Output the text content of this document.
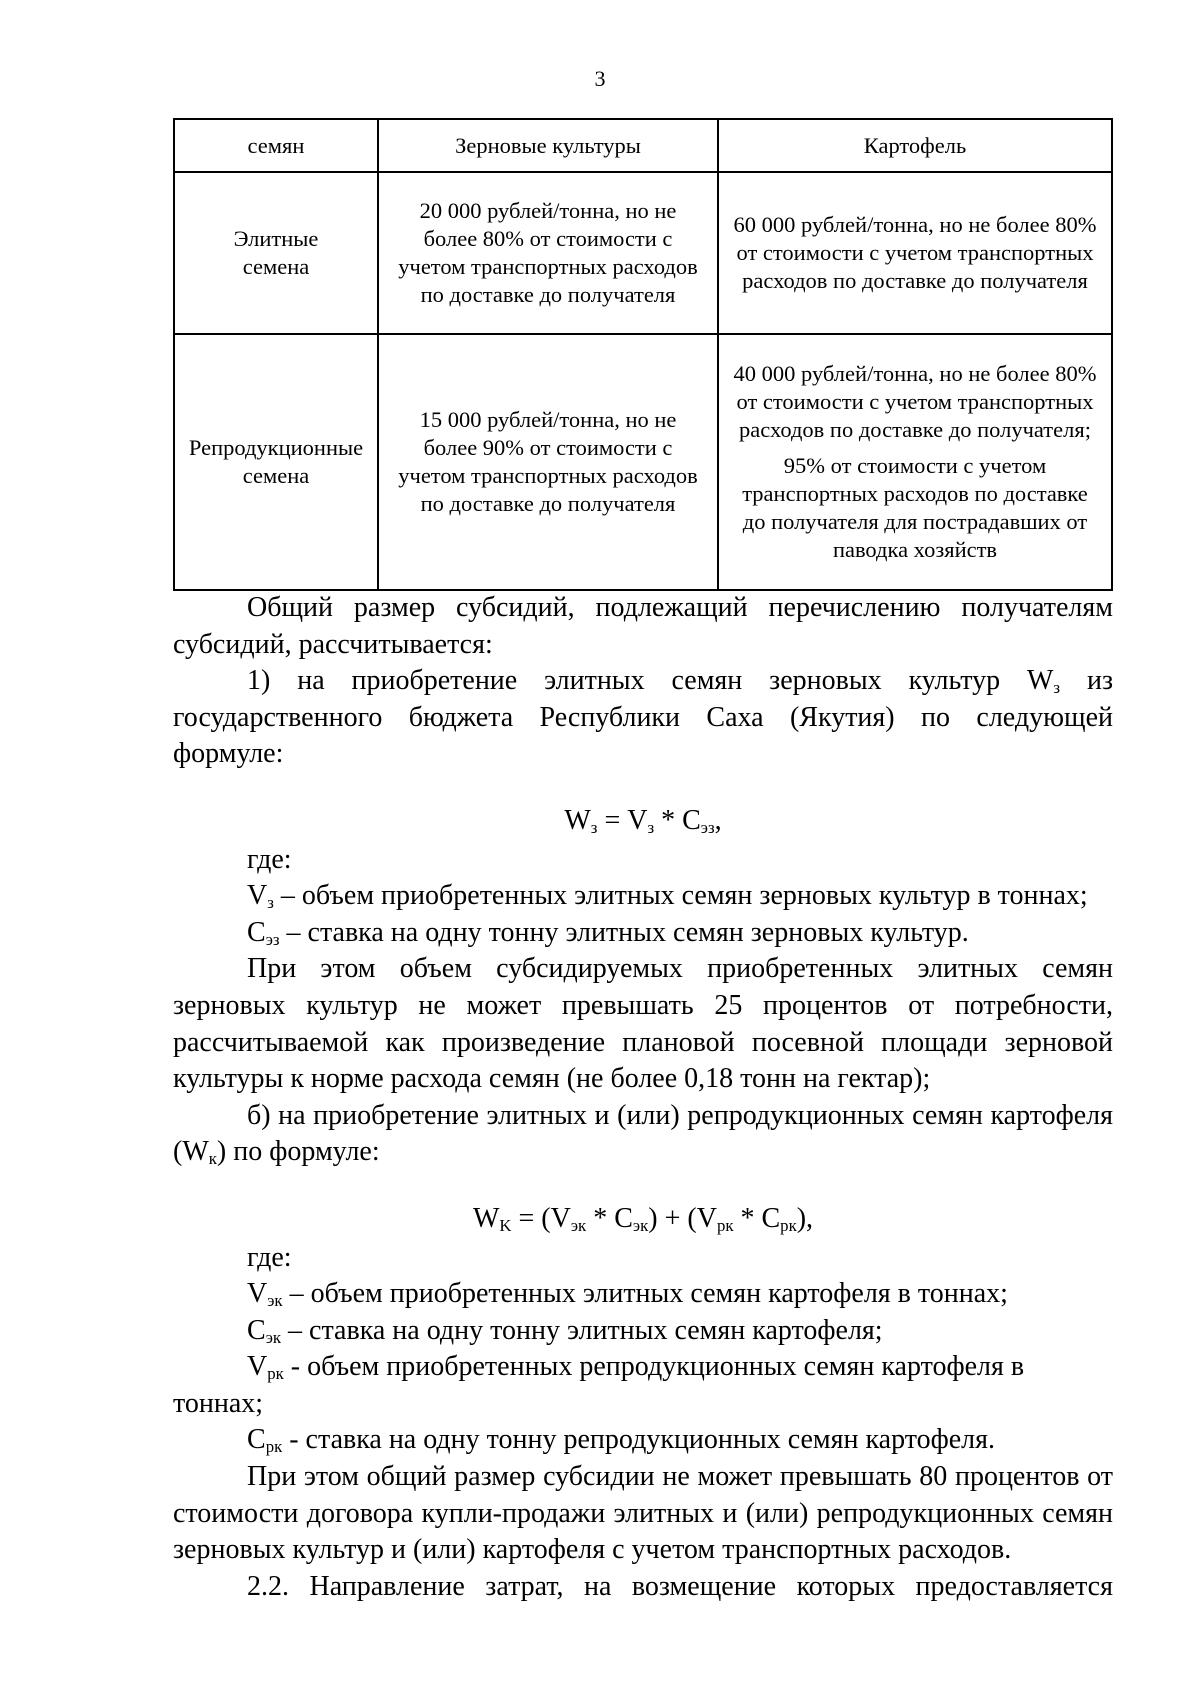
3
семян	Зерновые культуры	Картофель

Элитные семена	20 000 рублей/тонна, но не более 80% от стоимости с учетом транспортных расходов по доставке до получателя	60 000 рублей/тонна, но не более 80% от стоимости с учетом транспортных расходов по доставке до получателя

Репродукционные семена	15 000 рублей/тонна, но не более 90% от стоимости с учетом транспортных расходов по доставке до получателя	40 000 рублей/тонна, но не более 80% от стоимости с учетом транспортных расходов по доставке до получателя;
95% от стоимости с учетом транспортных расходов по доставке до получателя для пострадавших от паводка хозяйств

Общий размер субсидий, подлежащий перечислению получателям

субсидий, рассчитывается:

1) на приобретение элитных семян зерновых культур $W_з$ из

государственного бюджета Республики Саха (Якутия) по следующей

формуле:

$W_з = V_з * C_{эз}$,

где:

$V_з$ – объем приобретенных элитных семян зерновых культур в тоннах;

$С_{эз}$ – ставка на одну тонну элитных семян зерновых культур.

При этом объем субсидируемых приобретенных элитных семян

зерновых культур не может превышать 25 процентов от потребности,

рассчитываемой как произведение плановой посевной площади зерновой

культуры к норме расхода семян (не более 0,18 тонн на гектар);

б) на приобретение элитных и (или) репродукционных семян картофеля

$(W_к)$ по формуле:

$W_K = (V_{эк} * C_{эк}) + (V_{рк} * C_{рк})$,

где:

$V_{эк}$ – объем приобретенных элитных семян картофеля в тоннах;

$С_{эк}$ – ставка на одну тонну элитных семян картофеля;

$V_{рк}$ - объем приобретенных репродукционных семян картофеля в тоннах;

$С_{рк}$ - ставка на одну тонну репродукционных семян картофеля.

При этом общий размер субсидии не может превышать 80 процентов от

стоимости договора купли-продажи элитных и (или) репродукционных семян

зерновых культур и (или) картофеля с учетом транспортных расходов.

2.2. Направление затрат, на возмещение которых предоставляется
